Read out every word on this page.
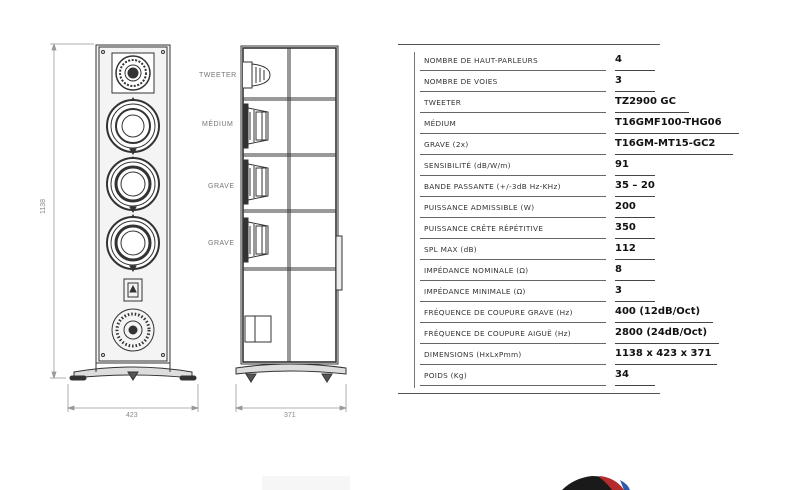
1138
423	371
TWEETER
MÉDIUM
GRAVE
GRAVE
NOMBRE DE HAUT-PARLEURS	4
NOMBRE DE VOIES	3
TWEETER	TZ2900 GC
MÉDIUM	T16GMF100-THG06
GRAVE (2x)	T16GM-MT15-GC2
SENSIBILITÉ (dB/W/m)	91
BANDE PASSANTE (+/-3dB Hz-KHz)	35 – 20
PUISSANCE ADMISSIBLE (W)	200
PUISSANCE CRÊTE RÉPÉTITIVE	350
SPL MAX (dB)	112
IMPÉDANCE NOMINALE (Ω)	8
IMPÉDANCE MINIMALE (Ω)	3
FRÉQUENCE DE COUPURE GRAVE (Hz)	400 (12dB/Oct)
FRÉQUENCE DE COUPURE AIGUË (Hz)	2800 (24dB/Oct)
DIMENSIONS (HxLxPmm)	1138 x 423 x 371
POIDS (Kg)	34
